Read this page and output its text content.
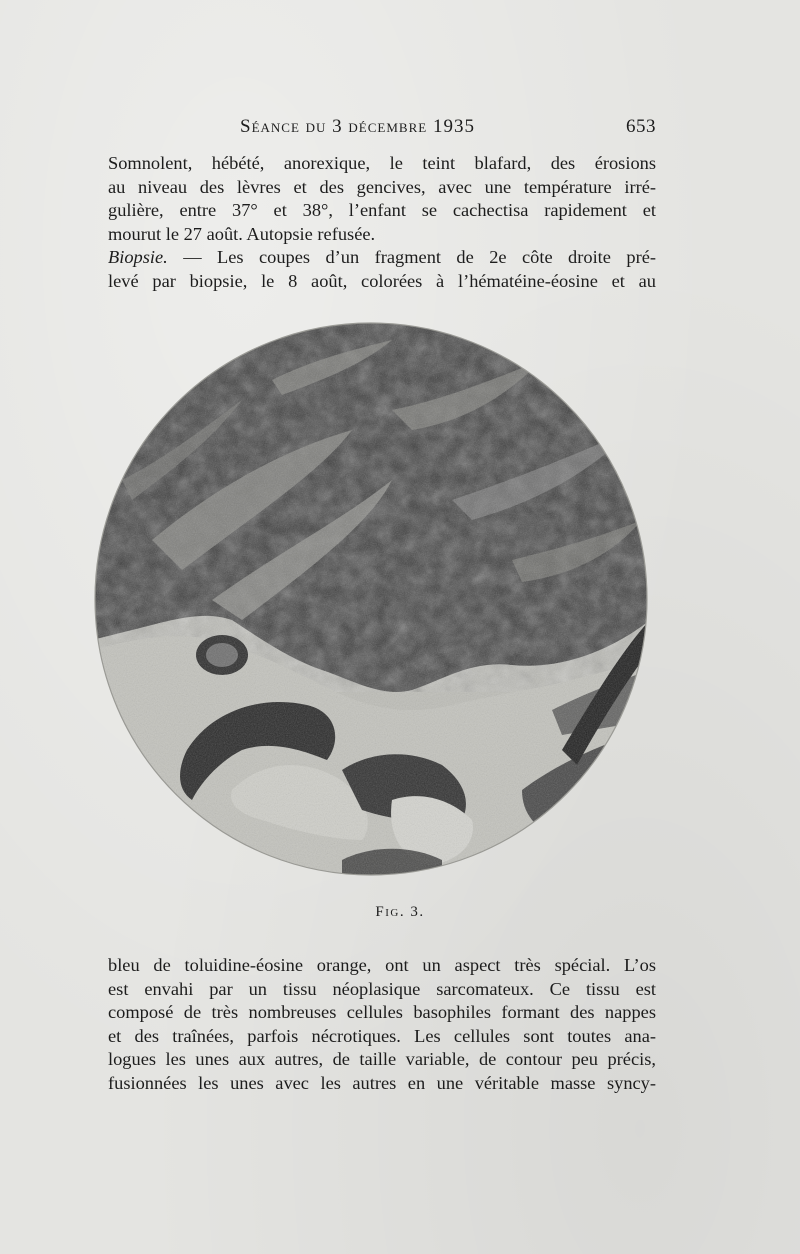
Séance du 3 décembre 1935	653
Somnolent, hébété, anorexique, le teint blafard, des érosions
au niveau des lèvres et des gencives, avec une température irré-
gulière, entre 37° et 38°, l’enfant se cachectisa rapidement et
mourut le 27 août. Autopsie refusée.
Biopsie. — Les coupes d’un fragment de 2e côte droite pré-
levé par biopsie, le 8 août, colorées à l’hématéine-éosine et au
Fig. 3.
bleu de toluidine-éosine orange, ont un aspect très spécial. L’os
est envahi par un tissu néoplasique sarcomateux. Ce tissu est
composé de très nombreuses cellules basophiles formant des nappes
et des traînées, parfois nécrotiques. Les cellules sont toutes ana-
logues les unes aux autres, de taille variable, de contour peu précis,
fusionnées les unes avec les autres en une véritable masse syncy-
